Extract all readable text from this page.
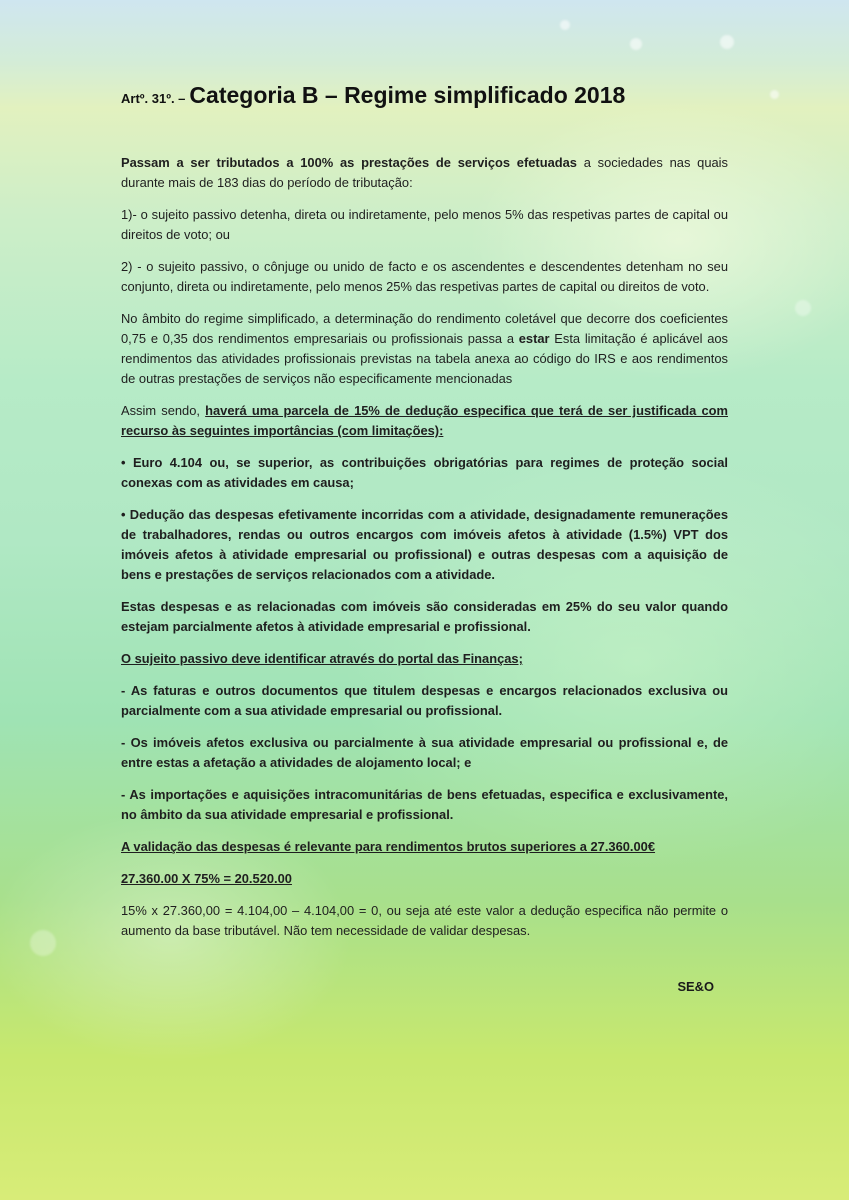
Artº. 31º. – Categoria B – Regime simplificado 2018

Passam a ser tributados a 100% as prestações de serviços efetuadas a sociedades nas quais durante mais de 183 dias do período de tributação:

1)- o sujeito passivo detenha, direta ou indiretamente, pelo menos 5% das respetivas partes de capital ou direitos de voto; ou

2) - o sujeito passivo, o cônjuge ou unido de facto e os ascendentes e descendentes detenham no seu conjunto, direta ou indiretamente, pelo menos 25% das respetivas partes de capital ou direitos de voto.

No âmbito do regime simplificado, a determinação do rendimento coletável que decorre dos coeficientes 0,75 e 0,35 dos rendimentos empresariais ou profissionais passa a estar Esta limitação é aplicável aos rendimentos das atividades profissionais previstas na tabela anexa ao código do IRS e aos rendimentos de outras prestações de serviços não especificamente mencionadas

Assim sendo, haverá uma parcela de 15% de dedução especifica que terá de ser justificada com recurso às seguintes importâncias (com limitações):

• Euro 4.104 ou, se superior, as contribuições obrigatórias para regimes de proteção social conexas com as atividades em causa;

• Dedução das despesas efetivamente incorridas com a atividade, designadamente remunerações de trabalhadores, rendas ou outros encargos com imóveis afetos à atividade (1.5%) VPT dos imóveis afetos à atividade empresarial ou profissional) e outras despesas com a aquisição de bens e prestações de serviços relacionados com a atividade.

Estas despesas e as relacionadas com imóveis são consideradas em 25% do seu valor quando estejam parcialmente afetos à atividade empresarial e profissional.

O sujeito passivo deve identificar através do portal das Finanças;

- As faturas e outros documentos que titulem despesas e encargos relacionados exclusiva ou parcialmente com a sua atividade empresarial ou profissional.

- Os imóveis afetos exclusiva ou parcialmente à sua atividade empresarial ou profissional e, de entre estas a afetação a atividades de alojamento local; e

- As importações e aquisições intracomunitárias de bens efetuadas, especifica e exclusivamente, no âmbito da sua atividade empresarial e profissional.

A validação das despesas é relevante para rendimentos brutos superiores a 27.360.00€

27.360.00 X 75% = 20.520.00

15% x 27.360,00 = 4.104,00 – 4.104,00 = 0, ou seja até este valor a dedução especifica não permite o aumento da base tributável. Não tem necessidade de validar despesas.

SE&O
